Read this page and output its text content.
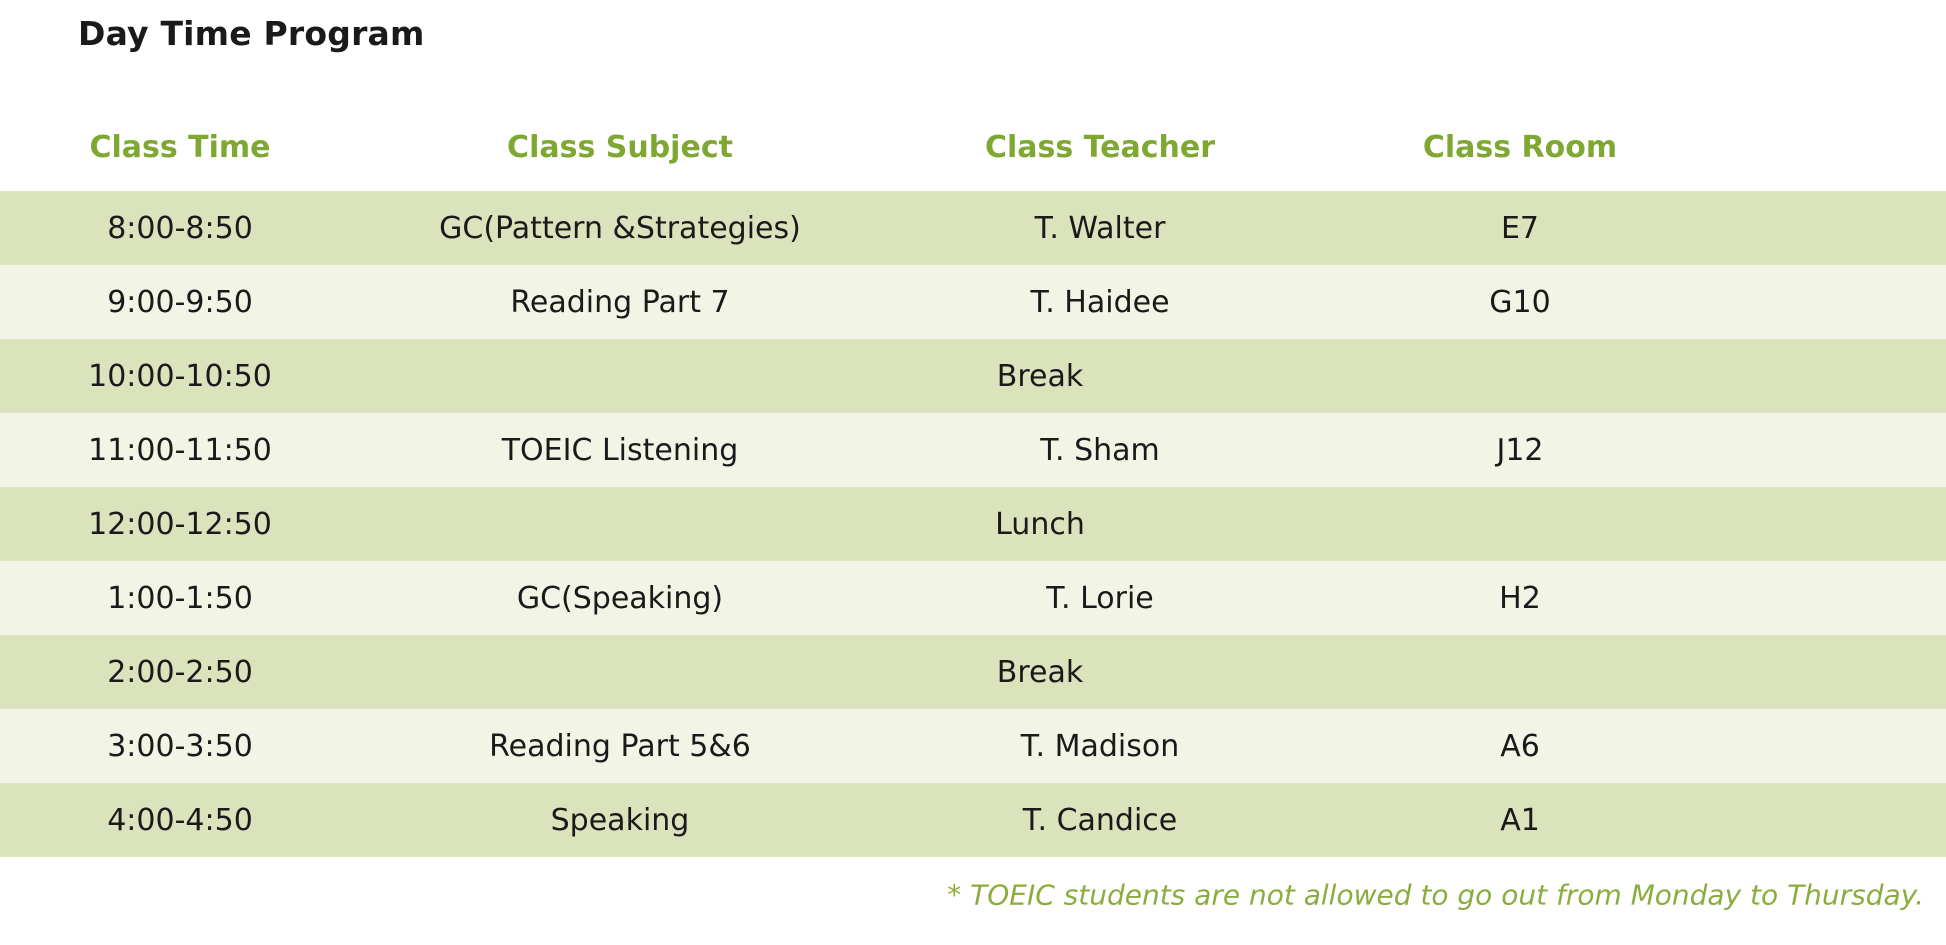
Day Time Program
Class Time	Class Subject	Class Teacher	Class Room	
8:00-8:50	GC(Pattern &Strategies)	T. Walter	E7	
9:00-9:50	Reading Part 7	T. Haidee	G10	
10:00-10:50	Break			
11:00-11:50	TOEIC Listening	T. Sham	J12	
12:00-12:50	Lunch			
1:00-1:50	GC(Speaking)	T. Lorie	H2	
2:00-2:50	Break			
3:00-3:50	Reading Part 5&6	T. Madison	A6	
4:00-4:50	Speaking	T. Candice	A1	
* TOEIC students are not allowed to go out from Monday to Thursday.
